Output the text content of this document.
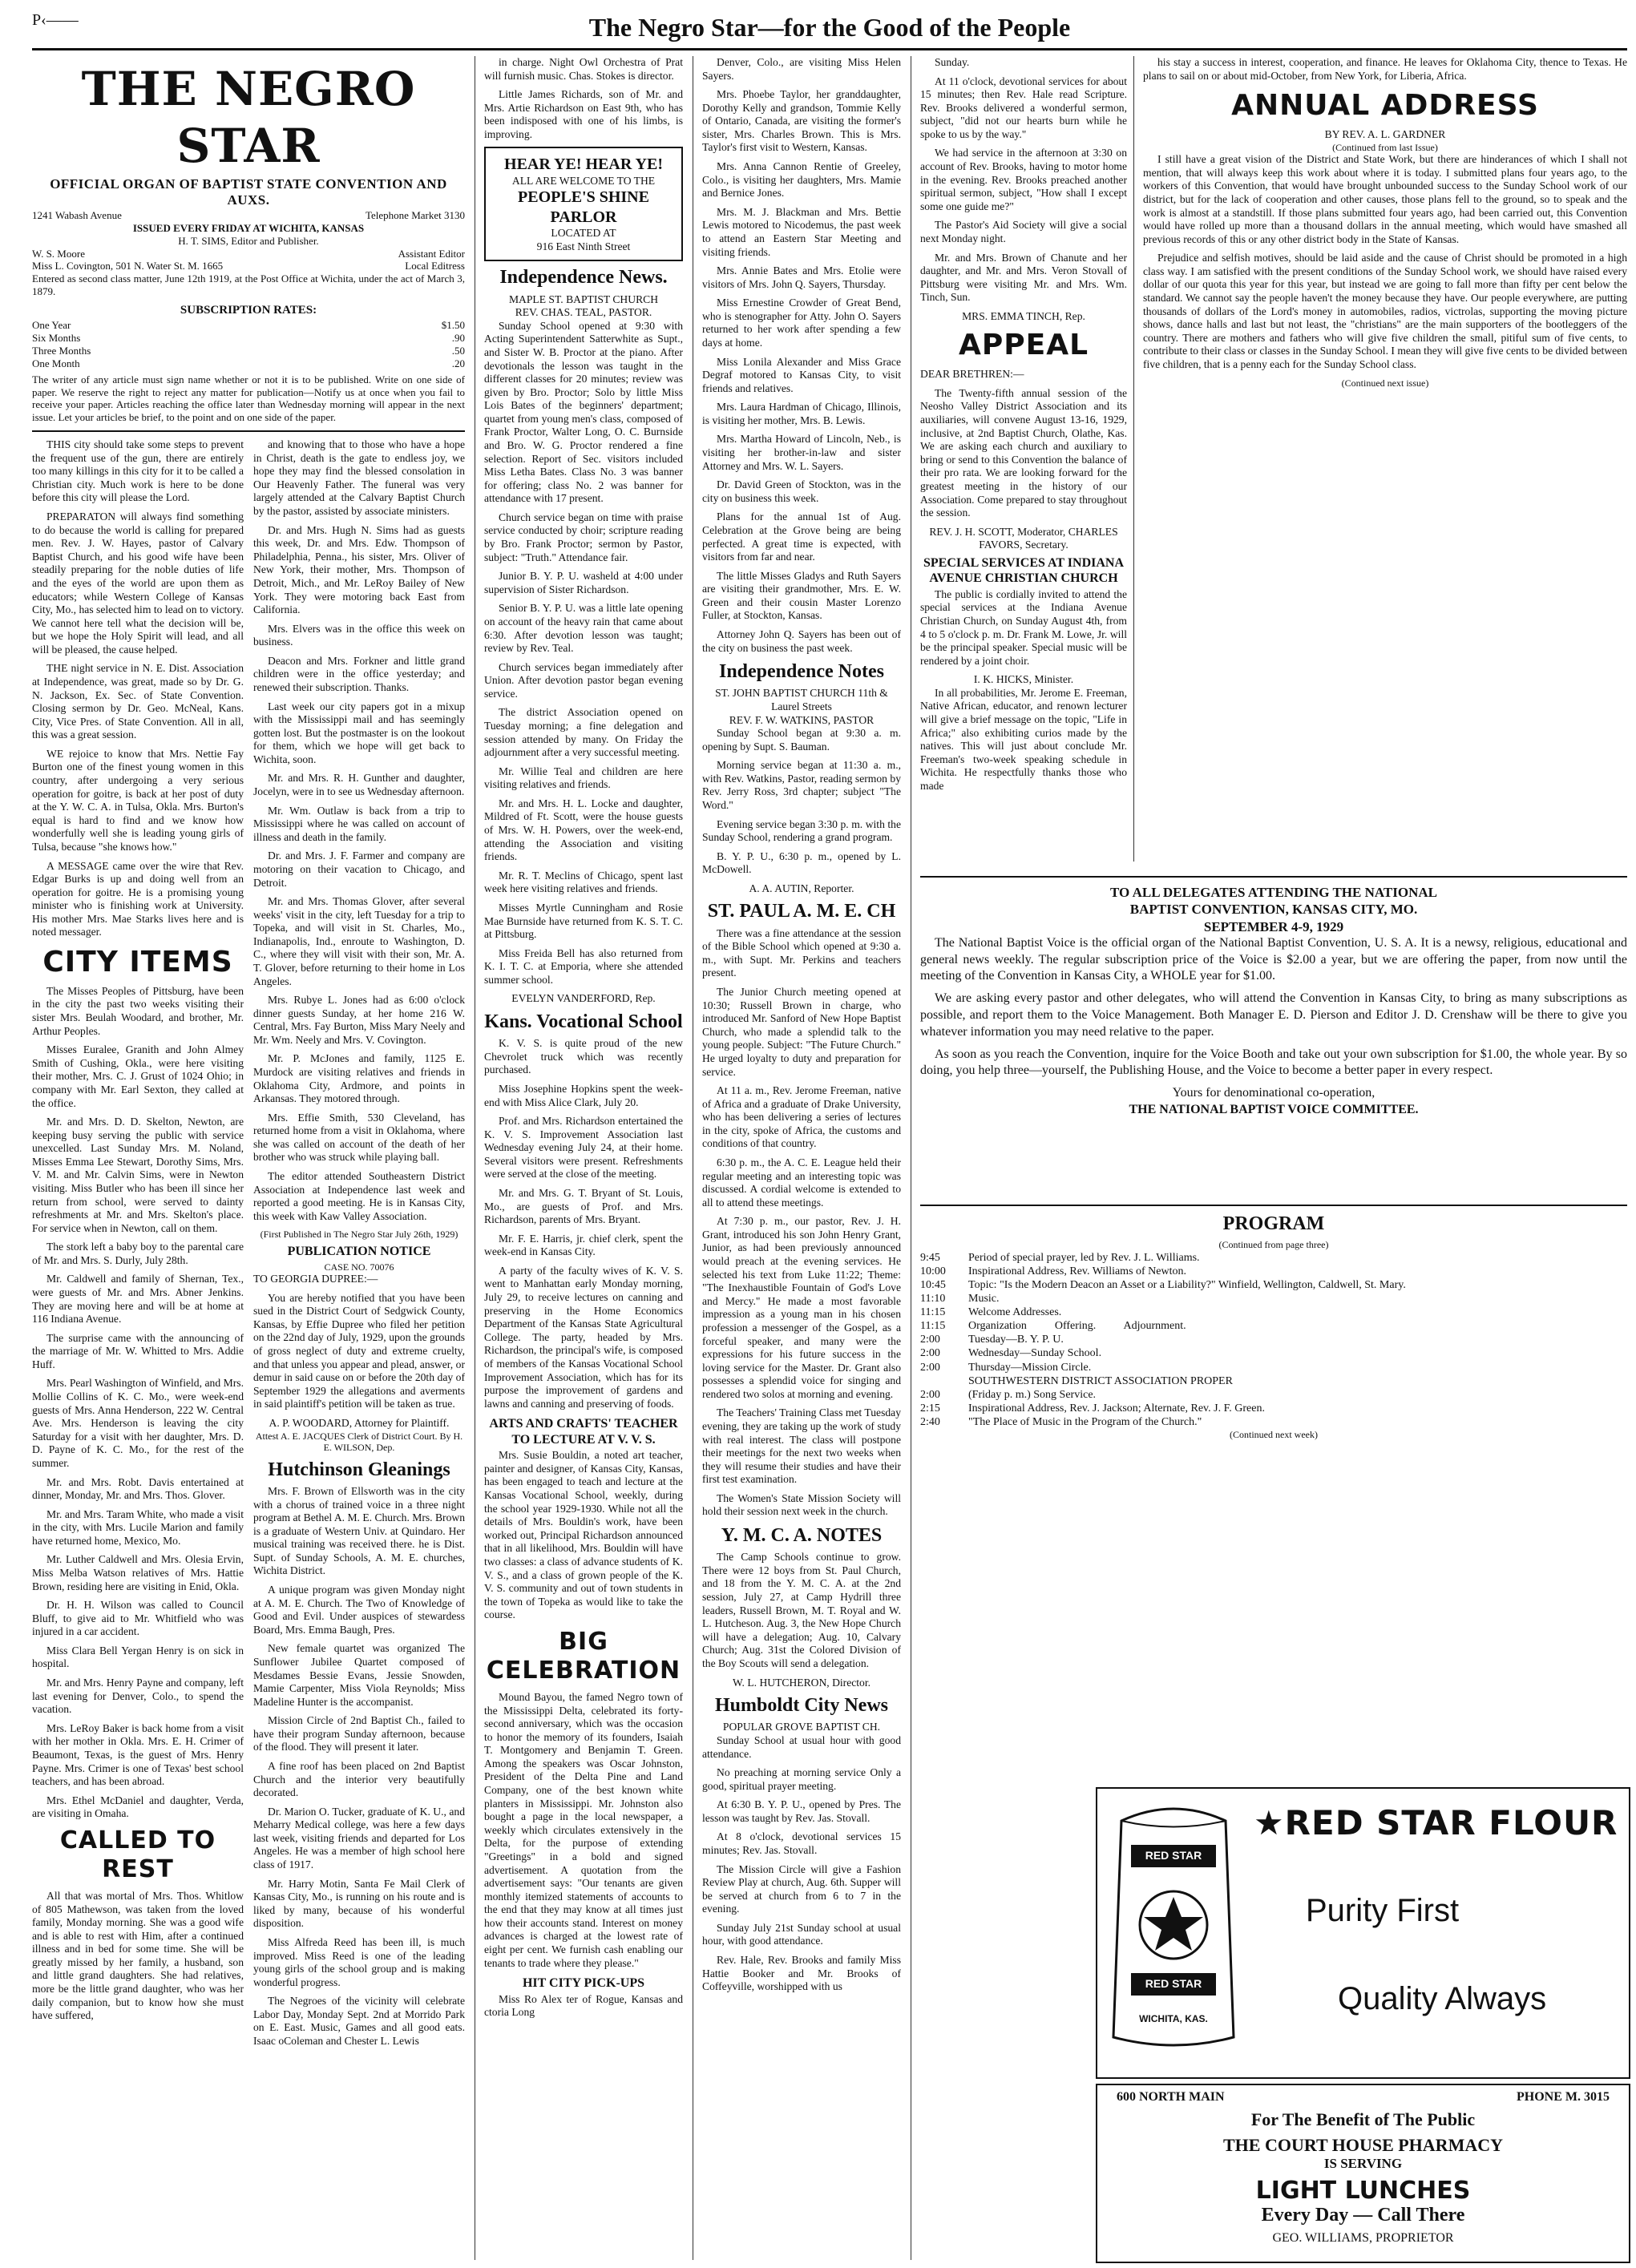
P‹——	The Negro Star—for the Good of the People
THE NEGRO STAR
OFFICIAL ORGAN OF BAPTIST STATE CONVENTION AND AUXS.
1241 Wabash Avenue	Telephone Market 3130
ISSUED EVERY FRIDAY AT WICHITA, KANSAS
H. T. SIMS, Editor and Publisher.
W. S. Moore	Assistant Editor
Miss L. Covington, 501 N. Water St. M. 1665	Local Editress
Entered as second class matter, June 12th 1919, at the Post Office at Wichita, under the act of March 3, 1879.
SUBSCRIPTION RATES:
One Year	$1.50
Six Months	.90
Three Months	.50
One Month	.20

The writer of any article must sign name whether or not it is to be published. Write on one side of paper. We reserve the right to reject any matter for publication—Notify us at once when you fail to receive your paper. Articles reaching the office later than Wednesday morning will appear in the next issue. Let your articles be brief, to the point and on one side of the paper.

THIS city should take some steps to prevent the frequent use of the gun, there are entirely too many killings in this city for it to be called a Christian city. Much work is here to be done before this city will please the Lord.

PREPARATON will always find something to do because the world is calling for prepared men. Rev. J. W. Hayes, pastor of Calvary Baptist Church, and his good wife have been steadily preparing for the noble duties of life and the eyes of the world are upon them as educators; while Western College of Kansas City, Mo., has selected him to lead on to victory. We cannot here tell what the decision will be, but we hope the Holy Spirit will lead, and all will be pleased, the cause helped.

THE night service in N. E. Dist. Association at Independence, was great, made so by Dr. G. N. Jackson, Ex. Sec. of State Convention. Closing sermon by Dr. Geo. McNeal, Kans. City, Vice Pres. of State Convention. All in all, this was a great session.

WE rejoice to know that Mrs. Nettie Fay Burton one of the finest young women in this country, after undergoing a very serious operation for goitre, is back at her post of duty at the Y. W. C. A. in Tulsa, Okla. Mrs. Burton's equal is hard to find and we know how wonderfully well she is leading young girls of Tulsa, because "she knows how."

A MESSAGE came over the wire that Rev. Edgar Burks is up and doing well from an operation for goitre. He is a promising young minister who is finishing work at University. His mother Mrs. Mae Starks lives here and is noted messager.

CITY ITEMS

The Misses Peoples of Pittsburg, have been in the city the past two weeks visiting their sister Mrs. Beulah Woodard, and brother, Mr. Arthur Peoples.

Misses Euralee, Granith and John Almey Smith of Cushing, Okla., were here visiting their mother, Mrs. C. J. Grust of 1024 Ohio; in company with Mr. Earl Sexton, they called at the office.

Mr. and Mrs. D. D. Skelton, Newton, are keeping busy serving the public with service unexcelled. Last Sunday Mrs. M. Noland, Misses Emma Lee Stewart, Dorothy Sims, Mrs. V. M. and Mr. Calvin Sims, were in Newton visiting. Miss Butler who has been ill since her return from school, were served to dainty refreshments at Mr. and Mrs. Skelton's place. For service when in Newton, call on them.

The stork left a baby boy to the parental care of Mr. and Mrs. S. Durly, July 28th.

Mr. Caldwell and family of Shernan, Tex., were guests of Mr. and Mrs. Abner Jenkins. They are moving here and will be at home at 116 Indiana Avenue.

The surprise came with the announcing of the marriage of Mr. W. Whitted to Mrs. Addie Huff.

Mrs. Pearl Washington of Winfield, and Mrs. Mollie Collins of K. C. Mo., were week-end guests of Mrs. Anna Henderson, 222 W. Central Ave. Mrs. Henderson is leaving the city Saturday for a visit with her daughter, Mrs. D. D. Payne of K. C. Mo., for the rest of the summer.

Mr. and Mrs. Robt. Davis entertained at dinner, Monday, Mr. and Mrs. Thos. Glover.

Mr. and Mrs. Taram White, who made a visit in the city, with Mrs. Lucile Marion and family have returned home, Mexico, Mo.

Mr. Luther Caldwell and Mrs. Olesia Ervin, Miss Melba Watson relatives of Mrs. Hattie Brown, residing here are visiting in Enid, Okla.

Dr. H. H. Wilson was called to Council Bluff, to give aid to Mr. Whitfield who was injured in a car accident.

Miss Clara Bell Yergan Henry is on sick in hospital.

Mr. and Mrs. Henry Payne and company, left last evening for Denver, Colo., to spend the vacation.

Mrs. LeRoy Baker is back home from a visit with her mother in Okla. Mrs. E. H. Crimer of Beaumont, Texas, is the guest of Mrs. Henry Payne. Mrs. Crimer is one of Texas' best school teachers, and has been abroad.

Mrs. Ethel McDaniel and daughter, Verda, are visiting in Omaha.

CALLED TO REST

All that was mortal of Mrs. Thos. Whitlow of 805 Mathewson, was taken from the loved family, Monday morning. She was a good wife and is able to rest with Him, after a continued illness and in bed for some time. She will be greatly missed by her family, a husband, son and little grand daughters. She had relatives, more be the little grand daughter, who was her daily companion, but to know how she must have suffered,

and knowing that to those who have a hope in Christ, death is the gate to endless joy, we hope they may find the blessed consolation in Our Heavenly Father. The funeral was very largely attended at the Calvary Baptist Church by the pastor, assisted by associate ministers.

Dr. and Mrs. Hugh N. Sims had as guests this week, Dr. and Mrs. Edw. Thompson of Philadelphia, Penna., his sister, Mrs. Oliver of New York, their mother, Mrs. Thompson of Detroit, Mich., and Mr. LeRoy Bailey of New York. They were motoring back East from California.

Mrs. Elvers was in the office this week on business.

Deacon and Mrs. Forkner and little grand children were in the office yesterday; and renewed their subscription. Thanks.

Last week our city papers got in a mixup with the Mississippi mail and has seemingly gotten lost. But the postmaster is on the lookout for them, which we hope will get back to Wichita, soon.

Mr. and Mrs. R. H. Gunther and daughter, Jocelyn, were in to see us Wednesday afternoon.

Mr. Wm. Outlaw is back from a trip to Mississippi where he was called on account of illness and death in the family.

Dr. and Mrs. J. F. Farmer and company are motoring on their vacation to Chicago, and Detroit.

Mr. and Mrs. Thomas Glover, after several weeks' visit in the city, left Tuesday for a trip to Topeka, and will visit in St. Charles, Mo., Indianapolis, Ind., enroute to Washington, D. C., where they will visit with their son, Mr. A. T. Glover, before returning to their home in Los Angeles.

Mrs. Rubye L. Jones had as 6:00 o'clock dinner guests Sunday, at her home 216 W. Central, Mrs. Fay Burton, Miss Mary Neely and Mr. Wm. Neely and Mrs. V. Covington.

Mr. P. McJones and family, 1125 E. Murdock are visiting relatives and friends in Oklahoma City, Ardmore, and points in Arkansas. They motored through.

Mrs. Effie Smith, 530 Cleveland, has returned home from a visit in Oklahoma, where she was called on account of the death of her brother who was struck while playing ball.

The editor attended Southeastern District Association at Independence last week and reported a good meeting. He is in Kansas City, this week with Kaw Valley Association.

(First Published in The Negro Star July 26th, 1929)
PUBLICATION NOTICE
CASE NO. 70076

TO GEORGIA DUPREE:—

You are hereby notified that you have been sued in the District Court of Sedgwick County, Kansas, by Effie Dupree who filed her petition on the 22nd day of July, 1929, upon the grounds of gross neglect of duty and extreme cruelty, and that unless you appear and plead, answer, or demur in said cause on or before the 20th day of September 1929 the allegations and averments in said plaintiff's petition will be taken as true.

A. P. WOODARD, Attorney for Plaintiff.
Attest A. E. JACQUES Clerk of District Court. By H. E. WILSON, Dep.
Hutchinson Gleanings

Mrs. F. Brown of Ellsworth was in the city with a chorus of trained voice in a three night program at Bethel A. M. E. Church. Mrs. Brown is a graduate of Western Univ. at Quindaro. Her musical training was received there. he is Dist. Supt. of Sunday Schools, A. M. E. churches, Wichita District.

A unique program was given Monday night at A. M. E. Church. The Two of Knowledge of Good and Evil. Under auspices of stewardess Board, Mrs. Emma Baugh, Pres.

New female quartet was organized The Sunflower Jubilee Quartet composed of Mesdames Bessie Evans, Jessie Snowden, Mamie Carpenter, Miss Viola Reynolds; Miss Madeline Hunter is the accompanist.

Mission Circle of 2nd Baptist Ch., failed to have their program Sunday afternoon, because of the flood. They will present it later.

A fine roof has been placed on 2nd Baptist Church and the interior very beautifully decorated.

Dr. Marion O. Tucker, graduate of K. U., and Meharry Medical college, was here a few days last week, visiting friends and departed for Los Angeles. He was a member of high school here class of 1917.

Mr. Harry Motin, Santa Fe Mail Clerk of Kansas City, Mo., is running on his route and is liked by many, because of his wonderful disposition.

Miss Alfreda Reed has been ill, is much improved. Miss Reed is one of the leading young girls of the school group and is making wonderful progress.

The Negroes of the vicinity will celebrate Labor Day, Monday Sept. 2nd at Morrido Park on E. East. Music, Games and all good eats. Isaac oColeman and Chester L. Lewis

in charge. Night Owl Orchestra of Prat will furnish music. Chas. Stokes is director.

Little James Richards, son of Mr. and Mrs. Artie Richardson on East 9th, who has been indisposed with one of his limbs, is improving.

HEAR YE! HEAR YE!
ALL ARE WELCOME TO THE
PEOPLE'S SHINE PARLOR
LOCATED AT
916 East Ninth Street
Independence News.
MAPLE ST. BAPTIST CHURCH
REV. CHAS. TEAL, PASTOR.

Sunday School opened at 9:30 with Acting Superintendent Satterwhite as Supt., and Sister W. B. Proctor at the piano. After devotionals the lesson was taught in the different classes for 20 minutes; review was given by Bro. Proctor; Solo by little Miss Lois Bates of the beginners' department; quartet from young men's class, composed of Frank Proctor, Walter Long, O. C. Burnside and Bro. W. G. Proctor rendered a fine selection. Report of Sec. visitors included Miss Letha Bates. Class No. 3 was banner for offering; class No. 2 was banner for attendance with 17 present.

Church service began on time with praise service conducted by choir; scripture reading by Bro. Frank Proctor; sermon by Pastor, subject: "Truth." Attendance fair.

Junior B. Y. P. U. washeld at 4:00 under supervision of Sister Richardson.

Senior B. Y. P. U. was a little late opening on account of the heavy rain that came about 6:30. After devotion lesson was taught; review by Rev. Teal.

Church services began immediately after Union. After devotion pastor began evening service.

The district Association opened on Tuesday morning; a fine delegation and session attended by many. On Friday the adjournment after a very successful meeting.

Mr. Willie Teal and children are here visiting relatives and friends.

Mr. and Mrs. H. L. Locke and daughter, Mildred of Ft. Scott, were the house guests of Mrs. W. H. Powers, over the week-end, attending the Association and visiting friends.

Mr. R. T. Meclins of Chicago, spent last week here visiting relatives and friends.

Misses Myrtle Cunningham and Rosie Mae Burnside have returned from K. S. T. C. at Pittsburg.

Miss Freida Bell has also returned from K. I. T. C. at Emporia, where she attended summer school.

EVELYN VANDERFORD, Rep.
Kans. Vocational School

K. V. S. is quite proud of the new Chevrolet truck which was recently purchased.

Miss Josephine Hopkins spent the week-end with Miss Alice Clark, July 20.

Prof. and Mrs. Richardson entertained the K. V. S. Improvement Association last Wednesday evening July 24, at their home. Several visitors were present. Refreshments were served at the close of the meeting.

Mr. and Mrs. G. T. Bryant of St. Louis, Mo., are guests of Prof. and Mrs. Richardson, parents of Mrs. Bryant.

Mr. F. E. Harris, jr. chief clerk, spent the week-end in Kansas City.

A party of the faculty wives of K. V. S. went to Manhattan early Monday morning, July 29, to receive lectures on canning and preserving in the Home Economics Department of the Kansas State Agricultural College. The party, headed by Mrs. Richardson, the principal's wife, is composed of members of the Kansas Vocational School Improvement Association, which has for its purpose the improvement of gardens and lawns and canning and preserving of foods.

ARTS AND CRAFTS' TEACHER TO LECTURE AT V. V. S.

Mrs. Susie Bouldin, a noted art teacher, painter and designer, of Kansas City, Kansas, has been engaged to teach and lecture at the Kansas Vocational School, weekly, during the school year 1929-1930. While not all the details of Mrs. Bouldin's work, have been worked out, Principal Richardson announced that in all likelihood, Mrs. Bouldin will have two classes: a class of advance students of K. V. S., and a class of grown people of the K. V. S. community and out of town students in the town of Topeka as would like to take the course.

BIG CELEBRATION

Mound Bayou, the famed Negro town of the Mississippi Delta, celebrated its forty-second anniversary, which was the occasion to honor the memory of its founders, Isaiah T. Montgomery and Benjamin T. Green. Among the speakers was Oscar Johnston, President of the Delta Pine and Land Company, one of the best known white planters in Mississippi. Mr. Johnston also bought a page in the local newspaper, a weekly which circulates extensively in the Delta, for the purpose of extending "Greetings" in a bold and signed advertisement. A quotation from the advertisement says: "Our tenants are given monthly itemized statements of accounts to the end that they may know at all times just how their accounts stand. Interest on money advances is charged at the lowest rate of eight per cent. We furnish cash enabling our tenants to trade where they please."

HIT CITY PICK-UPS

Miss Ro Alex ter of Rogue, Kansas and ctoria Long

Denver, Colo., are visiting Miss Helen Sayers.

Mrs. Phoebe Taylor, her granddaughter, Dorothy Kelly and grandson, Tommie Kelly of Ontario, Canada, are visiting the former's sister, Mrs. Charles Brown. This is Mrs. Taylor's first visit to Western, Kansas.

Mrs. Anna Cannon Rentie of Greeley, Colo., is visiting her daughters, Mrs. Mamie and Bernice Jones.

Mrs. M. J. Blackman and Mrs. Bettie Lewis motored to Nicodemus, the past week to attend an Eastern Star Meeting and visiting friends.

Mrs. Annie Bates and Mrs. Etolie were visitors of Mrs. John Q. Sayers, Thursday.

Miss Ernestine Crowder of Great Bend, who is stenographer for Atty. John O. Sayers returned to her work after spending a few days at home.

Miss Lonila Alexander and Miss Grace Degraf motored to Kansas City, to visit friends and relatives.

Mrs. Laura Hardman of Chicago, Illinois, is visiting her mother, Mrs. B. Lewis.

Mrs. Martha Howard of Lincoln, Neb., is visiting her brother-in-law and sister Attorney and Mrs. W. L. Sayers.

Dr. David Green of Stockton, was in the city on business this week.

Plans for the annual 1st of Aug. Celebration at the Grove being are being perfected. A great time is expected, with visitors from far and near.

The little Misses Gladys and Ruth Sayers are visiting their grandmother, Mrs. E. W. Green and their cousin Master Lorenzo Fuller, at Stockton, Kansas.

Attorney John Q. Sayers has been out of the city on business the past week.

Independence Notes
ST. JOHN BAPTIST CHURCH 11th & Laurel Streets
REV. F. W. WATKINS, PASTOR

Sunday School began at 9:30 a. m. opening by Supt. S. Bauman.

Morning service began at 11:30 a. m., with Rev. Watkins, Pastor, reading sermon by Rev. Jerry Ross, 3rd chapter; subject "The Word."

Evening service began 3:30 p. m. with the Sunday School, rendering a grand program.

B. Y. P. U., 6:30 p. m., opened by L. McDowell.

A. A. AUTIN, Reporter.
ST. PAUL A. M. E. CH

There was a fine attendance at the session of the Bible School which opened at 9:30 a. m., with Supt. Mr. Perkins and teachers present.

The Junior Church meeting opened at 10:30; Russell Brown in charge, who introduced Mr. Sanford of New Hope Baptist Church, who made a splendid talk to the young people. Subject: "The Future Church." He urged loyalty to duty and preparation for service.

At 11 a. m., Rev. Jerome Freeman, native of Africa and a graduate of Drake University, who has been delivering a series of lectures in the city, spoke of Africa, the customs and conditions of that country.

6:30 p. m., the A. C. E. League held their regular meeting and an interesting topic was discussed. A cordial welcome is extended to all to attend these meetings.

At 7:30 p. m., our pastor, Rev. J. H. Grant, introduced his son John Henry Grant, Junior, as had been previously announced would preach at the evening services. He selected his text from Luke 11:22; Theme: "The Inexhaustible Fountain of God's Love and Mercy." He made a most favorable impression as a young man in his chosen profession a messenger of the Gospel, as a forceful speaker, and many were the expressions for his future success in the loving service for the Master. Dr. Grant also possesses a splendid voice for singing and rendered two solos at morning and evening.

The Teachers' Training Class met Tuesday evening, they are taking up the work of study with real interest. The class will postpone their meetings for the next two weeks when they will resume their studies and have their first test examination.

The Women's State Mission Society will hold their session next week in the church.

Y. M. C. A. NOTES

The Camp Schools continue to grow. There were 12 boys from St. Paul Church, and 18 from the Y. M. C. A. at the 2nd session, July 27, at Camp Hydrill three leaders, Russell Brown, M. T. Royal and W. L. Hutcheson. Aug. 3, the New Hope Church will have a delegation; Aug. 10, Calvary Church; Aug. 31st the Colored Division of the Boy Scouts will send a delegation.

W. L. HUTCHERON, Director.
Humboldt City News
POPULAR GROVE BAPTIST CH.

Sunday School at usual hour with good attendance.

No preaching at morning service Only a good, spiritual prayer meeting.

At 6:30 B. Y. P. U., opened by Pres. The lesson was taught by Rev. Jas. Stovall.

At 8 o'clock, devotional services 15 minutes; Rev. Jas. Stovall.

The Mission Circle will give a Fashion Review Play at church, Aug. 6th. Supper will be served at church from 6 to 7 in the evening.

Sunday July 21st Sunday school at usual hour, with good attendance.

Rev. Hale, Rev. Brooks and family Miss Hattie Booker and Mr. Brooks of Coffeyville, worshipped with us

Sunday.

At 11 o'clock, devotional services for about 15 minutes; then Rev. Hale read Scripture. Rev. Brooks delivered a wonderful sermon, subject, "did not our hearts burn while he spoke to us by the way."

We had service in the afternoon at 3:30 on account of Rev. Brooks, having to motor home in the evening. Rev. Brooks preached another spiritual sermon, subject, "How shall I except some one guide me?"

The Pastor's Aid Society will give a social next Monday night.

Mr. and Mrs. Brown of Chanute and her daughter, and Mr. and Mrs. Veron Stovall of Pittsburg were visiting Mr. and Mrs. Wm. Tinch, Sun.

MRS. EMMA TINCH, Rep.
APPEAL

DEAR BRETHREN:—

The Twenty-fifth annual session of the Neosho Valley District Association and its auxiliaries, will convene August 13-16, 1929, inclusive, at 2nd Baptist Church, Olathe, Kas. We are asking each church and auxiliary to bring or send to this Convention the balance of their pro rata. We are looking forward for the greatest meeting in the history of our Association. Come prepared to stay throughout the session.

REV. J. H. SCOTT, Moderator, CHARLES FAVORS, Secretary.
SPECIAL SERVICES AT INDIANA AVENUE CHRISTIAN CHURCH

The public is cordially invited to attend the special services at the Indiana Avenue Christian Church, on Sunday August 4th, from 4 to 5 o'clock p. m. Dr. Frank M. Lowe, Jr. will be the principal speaker. Special music will be rendered by a joint choir.

I. K. HICKS, Minister.

In all probabilities, Mr. Jerome E. Freeman, Native African, educator, and renown lecturer will give a brief message on the topic, "Life in Africa;" also exhibiting curios made by the natives. This will just about conclude Mr. Freeman's two-week speaking schedule in Wichita. He respectfully thanks those who made

his stay a success in interest, cooperation, and finance. He leaves for Oklahoma City, thence to Texas. He plans to sail on or about mid-October, from New York, for Liberia, Africa.

ANNUAL ADDRESS
BY REV. A. L. GARDNER
(Continued from last Issue)

I still have a great vision of the District and State Work, but there are hinderances of which I shall not mention, that will always keep this work about where it is today. I submitted plans four years ago, to the workers of this Convention, that would have brought unbounded success to the Sunday School work of our district, but for the lack of cooperation and other causes, those plans fell to the ground, so to speak and the work is almost at a standstill. If those plans submitted four years ago, had been carried out, this Convention would have rolled up more than a thousand dollars in the annual meeting, which would have smashed all previous records of this or any other district body in the State of Kansas.

Prejudice and selfish motives, should be laid aside and the cause of Christ should be promoted in a high class way. I am satisfied with the present conditions of the Sunday School work, we should have raised every dollar of our quota this year for this year, but instead we are going to fall more than fifty per cent below the standard. We cannot say the people haven't the money because they have. Our people everywhere, are putting thousands of dollars of the Lord's money in automobiles, radios, victrolas, supporting the moving picture shows, dance halls and last but not least, the "christians" are the main supporters of the bootleggers of the country. There are mothers and fathers who will give five children the small, pitiful sum of five cents, to contribute to their class or classes in the Sunday School. I mean they will give five cents to be divided between five children, that is a penny each for the Sunday School class.

(Continued next issue)
TO ALL DELEGATES ATTENDING THE NATIONAL
BAPTIST CONVENTION, KANSAS CITY, MO.
SEPTEMBER 4-9, 1929

The National Baptist Voice is the official organ of the National Baptist Convention, U. S. A. It is a newsy, religious, educational and general news weekly. The regular subscription price of the Voice is $2.00 a year, but we are offering the paper, from now until the meeting of the Convention in Kansas City, a WHOLE year for $1.00.

We are asking every pastor and other delegates, who will attend the Convention in Kansas City, to bring as many subscriptions as possible, and report them to the Voice Management. Both Manager E. D. Pierson and Editor J. D. Crenshaw will be there to give you whatever information you may need relative to the paper.

As soon as you reach the Convention, inquire for the Voice Booth and take out your own subscription for $1.00, the whole year. By so doing, you help three—yourself, the Publishing House, and the Voice to become a better paper in every respect.

Yours for denominational co-operation,
THE NATIONAL BAPTIST VOICE COMMITTEE.
PROGRAM
(Continued from page three)
9:45	Period of special prayer, led by Rev. J. L. Williams.
10:00	Inspirational Address, Rev. Williams of Newton.
10:45	Topic: "Is the Modern Deacon an Asset or a Liability?" Winfield, Wellington, Caldwell, St. Mary.
11:10	Music.
11:15	Welcome Addresses.
11:15	Organization          Offering.          Adjournment.
2:00	Tuesday—B. Y. P. U.
2:00	Wednesday—Sunday School.
2:00	Thursday—Mission Circle.
SOUTHWESTERN DISTRICT ASSOCIATION PROPER
2:00	(Friday p. m.) Song Service.
2:15	Inspirational Address, Rev. J. Jackson; Alternate, Rev. J. F. Green.
2:40	"The Place of Music in the Program of the Church."
(Continued next week)
RED STAR
RED STAR
WICHITA, KAS.
★RED STAR FLOUR
Purity First
Quality Always
600 NORTH MAIN	PHONE M. 3015
For The Benefit of The Public
THE COURT HOUSE PHARMACY
IS SERVING
LIGHT LUNCHES
Every Day — Call There
GEO. WILLIAMS, PROPRIETOR
